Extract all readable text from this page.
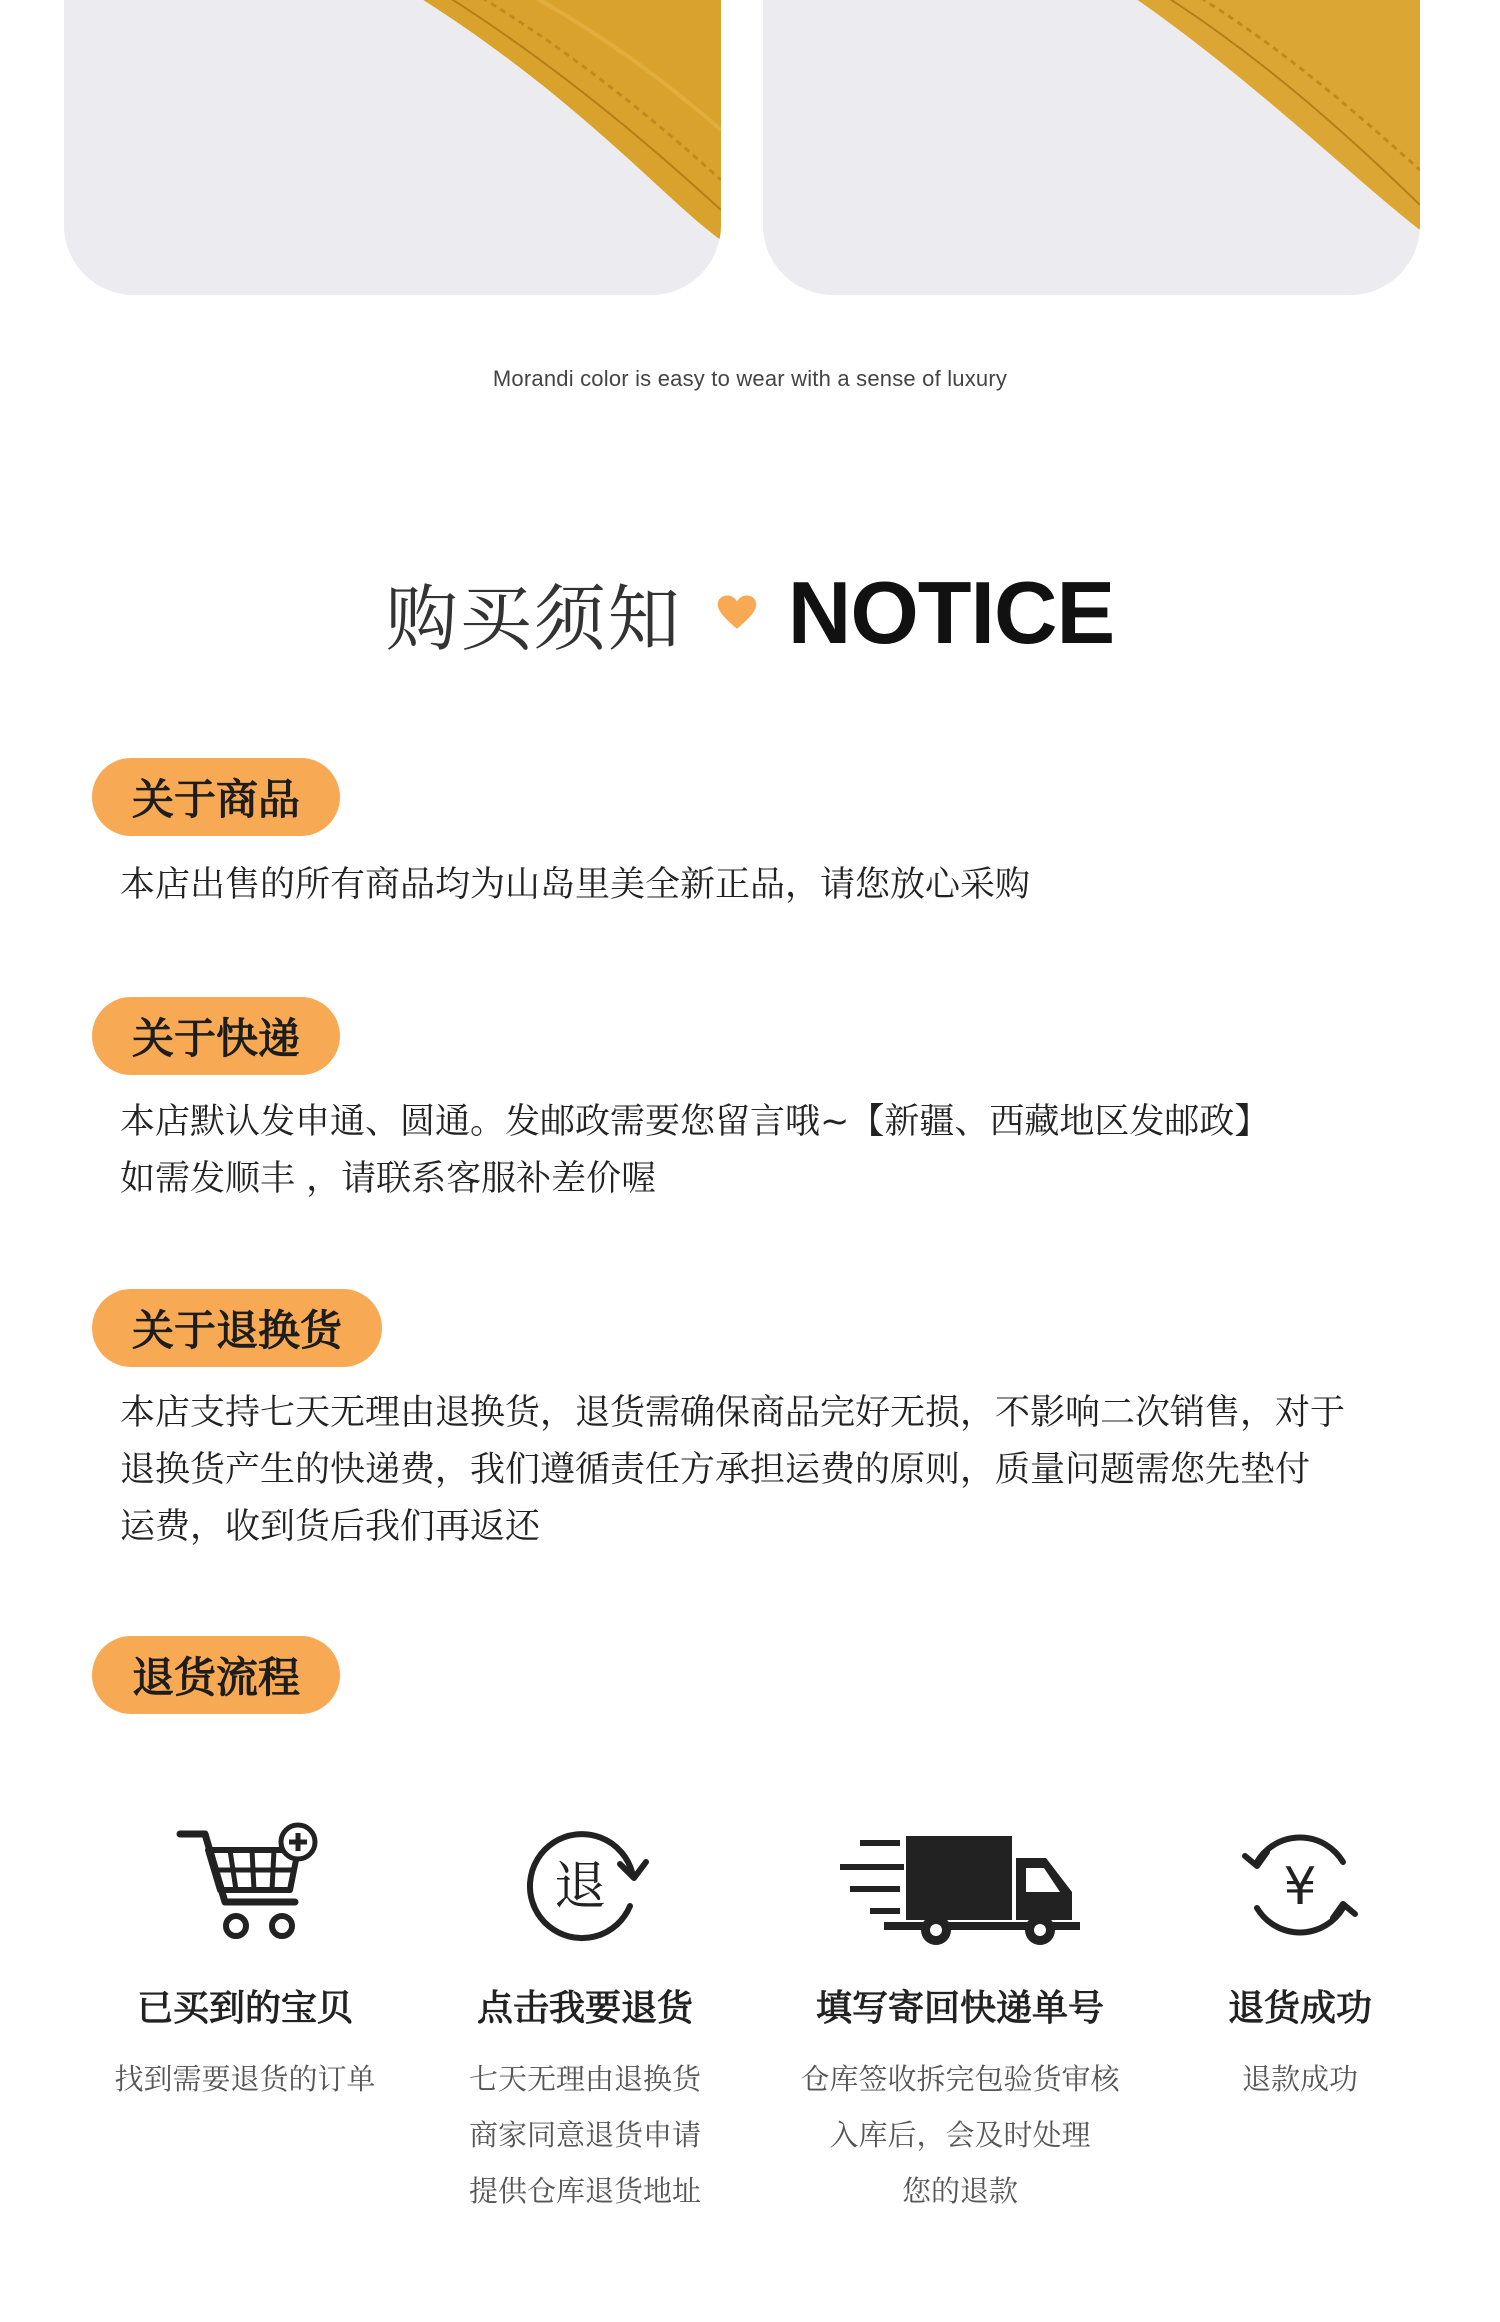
Morandi color is easy to wear with a sense of luxury
购买须知 NOTICE
关于商品
本店出售的所有商品均为山岛里美全新正品，请您放心采购
关于快递
本店默认发申通、圆通。发邮政需要您留言哦~【新疆、西藏地区发邮政】
如需发顺丰 ，请联系客服补差价喔
关于退换货
本店支持七天无理由退换货，退货需确保商品完好无损，不影响二次销售，对于
退换货产生的快递费，我们遵循责任方承担运费的原则，质量问题需您先垫付
运费，收到货后我们再返还
退货流程
已买到的宝贝
找到需要退货的订单
退
点击我要退货
七天无理由退换货
商家同意退货申请
提供仓库退货地址
填写寄回快递单号
仓库签收拆完包验货审核
入库后，会及时处理
您的退款
¥
退货成功
退款成功
